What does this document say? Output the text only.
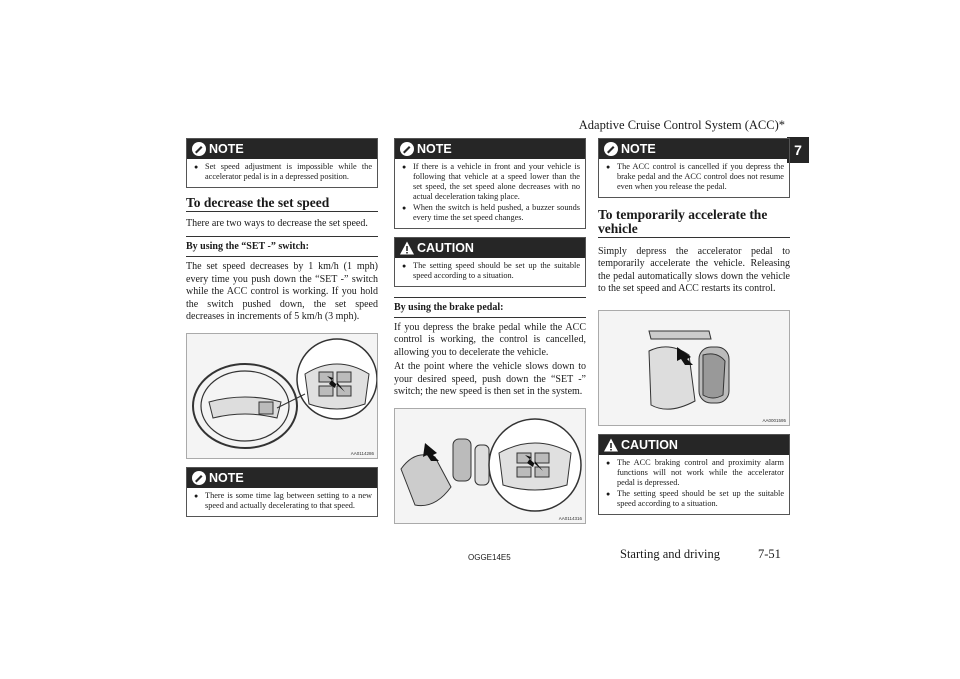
Adaptive Cruise Control System (ACC)*
7
NOTE
● Set speed adjustment is impossible while the accelerator pedal is in a depressed position.
To decrease the set speed

There are two ways to decrease the set speed.

By using the “SET -” switch:

The set speed decreases by 1 km/h (1 mph) every time you push down the “SET -” switch while the ACC control is working. If you hold the switch pushed down, the set speed decreases in increments of 5 km/h (3 mph).

AA0114286
NOTE
● There is some time lag between setting to a new speed and actually decelerating to that speed.
NOTE
● If there is a vehicle in front and your vehicle is following that vehicle at a speed lower than the set speed, the set speed alone decreases with no actual deceleration taking place.
● When the switch is held pushed, a buzzer sounds every time the set speed changes.
CAUTION
● The setting speed should be set up the suitable speed according to a situation.
By using the brake pedal:

If you depress the brake pedal while the ACC control is working, the control is cancelled, allowing you to decelerate the vehicle.

At the point where the vehicle slows down to your desired speed, push down the “SET -” switch; the new speed is then set in the system.

AA0114316
NOTE
● The ACC control is cancelled if you depress the brake pedal and the ACC control does not resume even when you release the pedal.
To temporarily accelerate the vehicle

Simply depress the accelerator pedal to temporarily accelerate the vehicle. Releasing the pedal automatically slows down the vehicle to the set speed and ACC restarts its control.

AA0001595
CAUTION
● The ACC braking control and proximity alarm functions will not work while the accelerator pedal is depressed.
● The setting speed should be set up the suitable speed according to a situation.
OGGE14E5	Starting and driving	7-51
